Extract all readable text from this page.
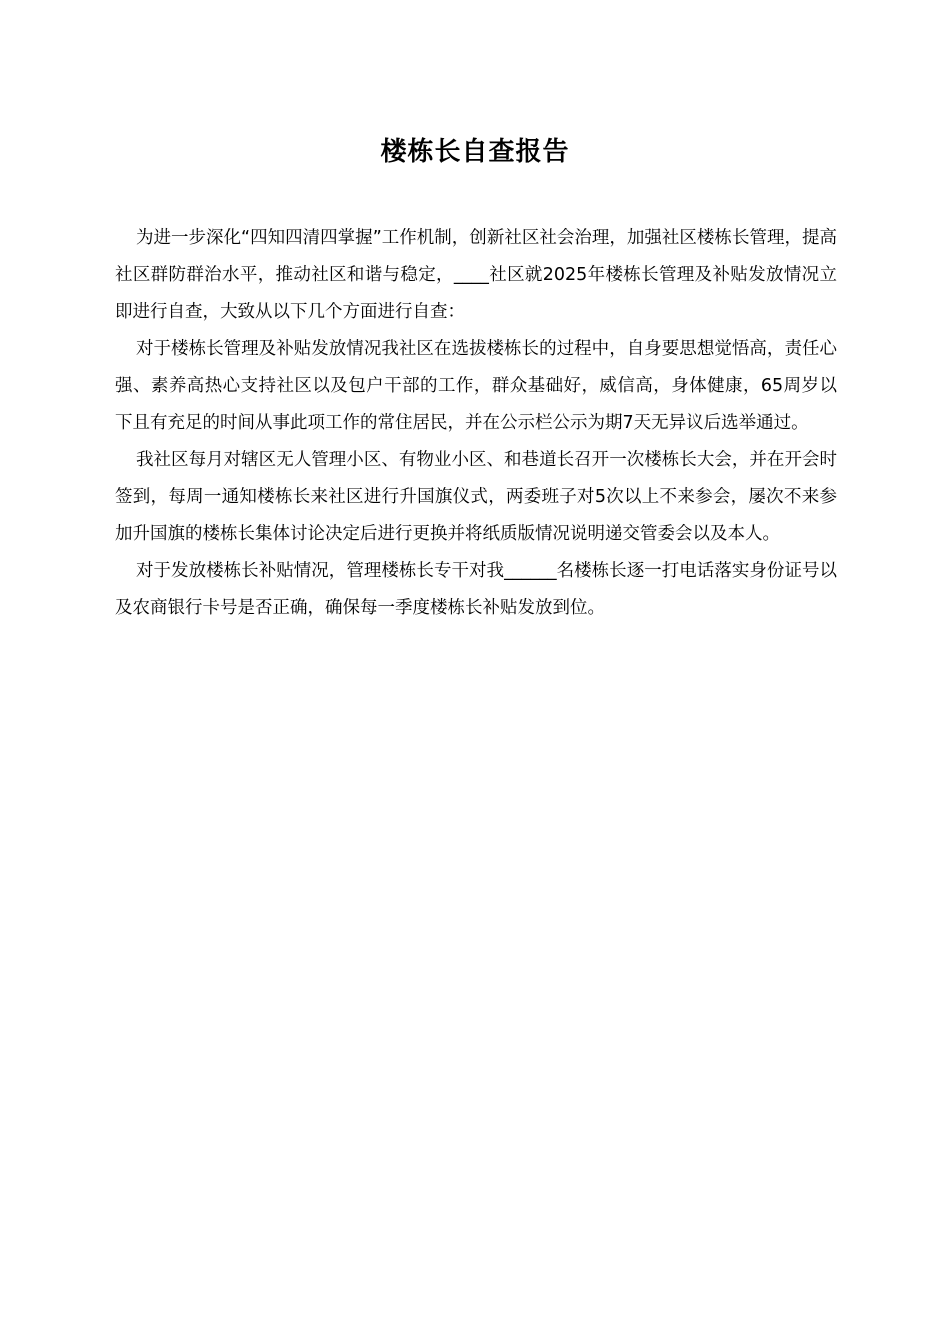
楼栋长自查报告

为进一步深化“四知四清四掌握”工作机制，创新社区社会治理，加强社区楼栋长管理，提高社区群防群治水平，推动社区和谐与稳定，____社区就2025年楼栋长管理及补贴发放情况立即进行自查，大致从以下几个方面进行自查：

对于楼栋长管理及补贴发放情况我社区在选拔楼栋长的过程中，自身要思想觉悟高，责任心强、素养高热心支持社区以及包户干部的工作，群众基础好，威信高，身体健康，65周岁以下且有充足的时间从事此项工作的常住居民，并在公示栏公示为期7天无异议后选举通过。

我社区每月对辖区无人管理小区、有物业小区、和巷道长召开一次楼栋长大会，并在开会时签到，每周一通知楼栋长来社区进行升国旗仪式，两委班子对5次以上不来参会，屡次不来参加升国旗的楼栋长集体讨论决定后进行更换并将纸质版情况说明递交管委会以及本人。

对于发放楼栋长补贴情况，管理楼栋长专干对我______名楼栋长逐一打电话落实身份证号以及农商银行卡号是否正确，确保每一季度楼栋长补贴发放到位。
